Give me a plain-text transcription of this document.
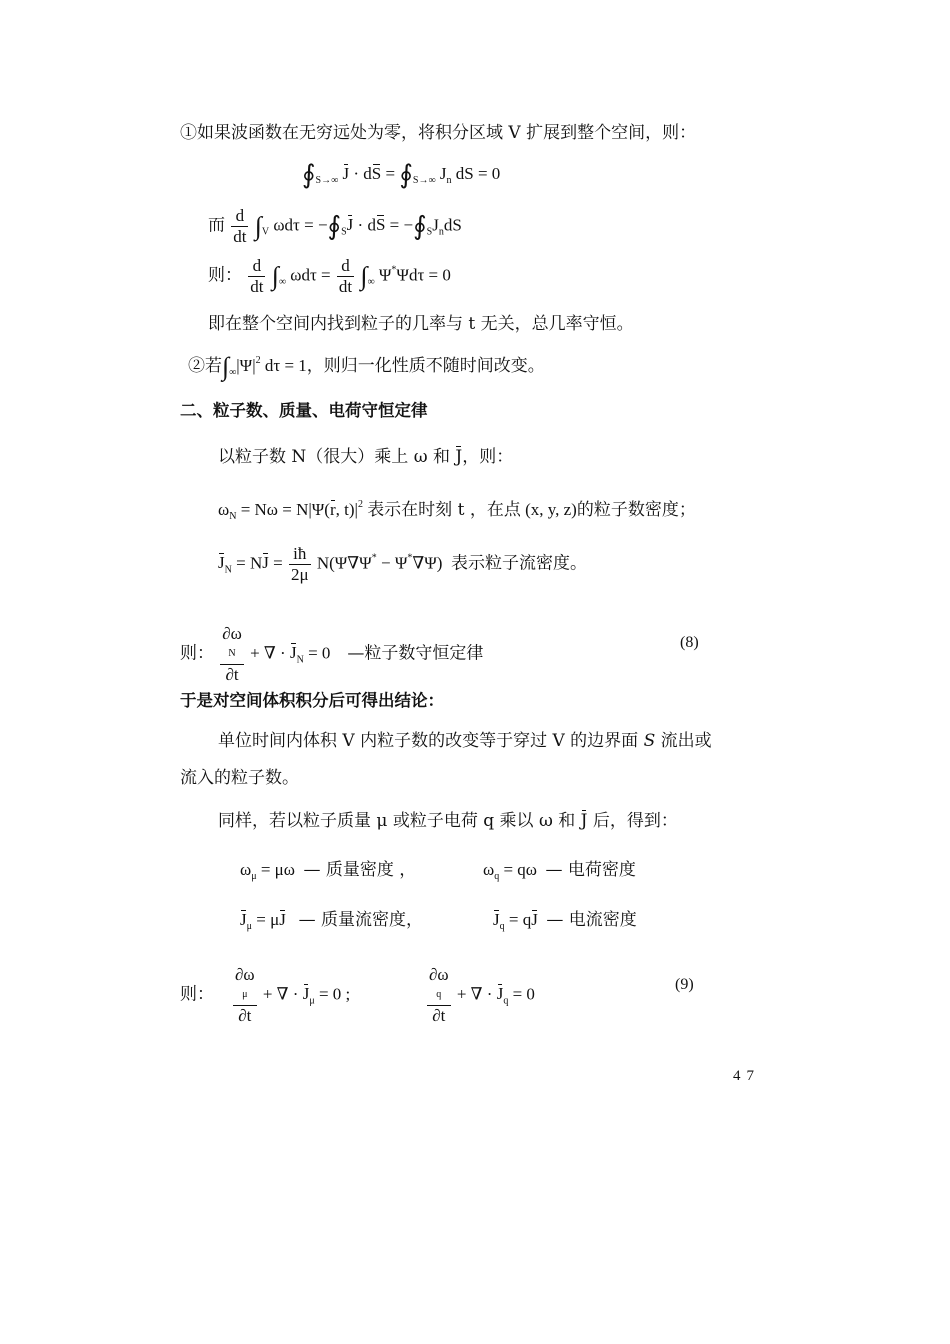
①如果波函数在无穷远处为零，将积分区域 V 扩展到整个空间，则：
$∮_{S\to\infty}$ J · dS = $∮_{S\to\infty}$ $J_n$ dS = 0
而 $\frac{d}{dt} \int_V$ $\omega d\tau = -∮_SJ$ · dS = $-∮_SJ_ndS$
则： $\frac{d}{dt} \int_\infty$ $\omega d\tau = \frac{d}{dt} \int_\infty$ Ψ*Ψdτ = 0
即在整个空间内找到粒子的几率与 t 无关，总几率守恒。
②若$\int_\infty|\Psi|^2$ dτ = 1，则归一化性质不随时间改变。
二、粒子数、质量、电荷守恒定律
以粒子数 N（很大）乘上 ω 和 J，则：
$\omega_N = N\omega = N|\Psi(r$, $t)|^2$ 表示在时刻 t ，在点 (x, y, z)的粒子数密度；
$J_N$ = NJ = $\frac{iħ}{2\mu} N(\Psi\nabla\Psi^* - \Psi^*\nabla\Psi)$  表示粒子流密度。
则： ∂ω
N
∂t + ∇ · $J_N = 0$    —粒子数守恒定律
(8)
于是对空间体积积分后可得出结论：
单位时间内体积 V 内粒子数的改变等于穿过 V 的边界面 S 流出或
流入的粒子数。
同样，若以粒子质量 μ 或粒子电荷 q 乘以 ω 和 J 后，得到：
$\omega_\mu = \mu\omega$  — 质量密度 ，	$\omega_q = q\omega$  — 电荷密度
$J_\mu = \mu J$ — 质量流密度，	$J_q$ = qJ — 电流密度
则： ∂ω
μ
∂t + ∇ · $J_\mu = 0$ ;	∂ω
q
∂t + ∇ · $J_q = 0$	(9)
47
